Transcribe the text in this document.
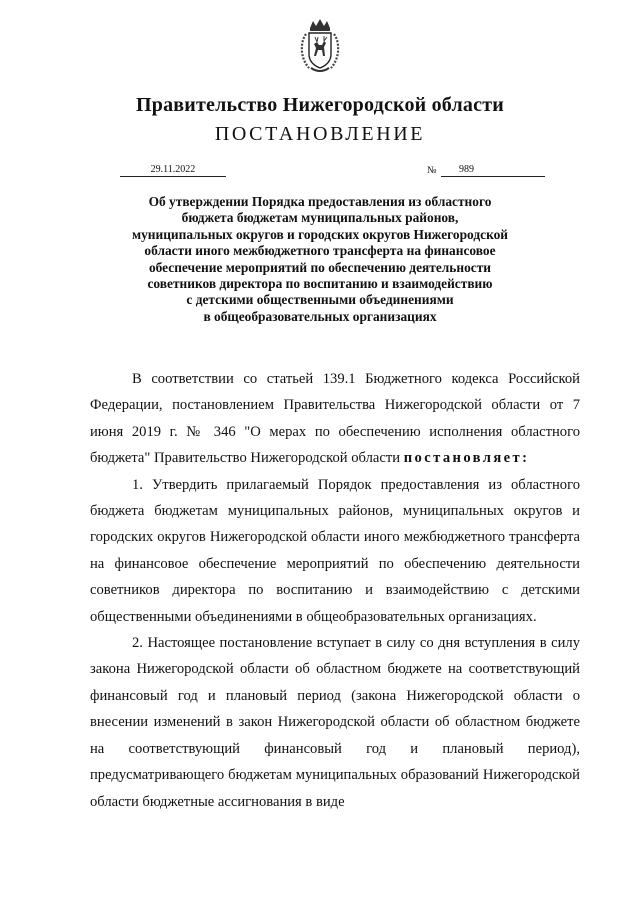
Правительство Нижегородской области
ПОСТАНОВЛЕНИЕ
29.11.2022	№	989
Об утверждении Порядка предоставления из областного
бюджета бюджетам муниципальных районов,
муниципальных округов и городских округов Нижегородской
области иного межбюджетного трансферта на финансовое
обеспечение мероприятий по обеспечению деятельности
советников директора по воспитанию и взаимодействию
с детскими общественными объединениями
в общеобразовательных организациях

В соответствии со статьей 139.1 Бюджетного кодекса Российской Федерации, постановлением Правительства Нижегородской области от 7 июня 2019 г. № 346 "О мерах по обеспечению исполнения областного бюджета" Правительство Нижегородской области постановляет:

1. Утвердить прилагаемый Порядок предоставления из областного бюджета бюджетам муниципальных районов, муниципальных округов и городских округов Нижегородской области иного межбюджетного трансферта на финансовое обеспечение мероприятий по обеспечению деятельности советников директора по воспитанию и взаимодействию с детскими общественными объединениями в общеобразовательных организациях.

2. Настоящее постановление вступает в силу со дня вступления в силу закона Нижегородской области об областном бюджете на соответствующий финансовый год и плановый период (закона Нижегородской области о внесении изменений в закон Нижегородской области об областном бюджете на соответствующий финансовый год и плановый период), предусматривающего бюджетам муниципальных образований Нижегородской области бюджетные ассигнования в виде
